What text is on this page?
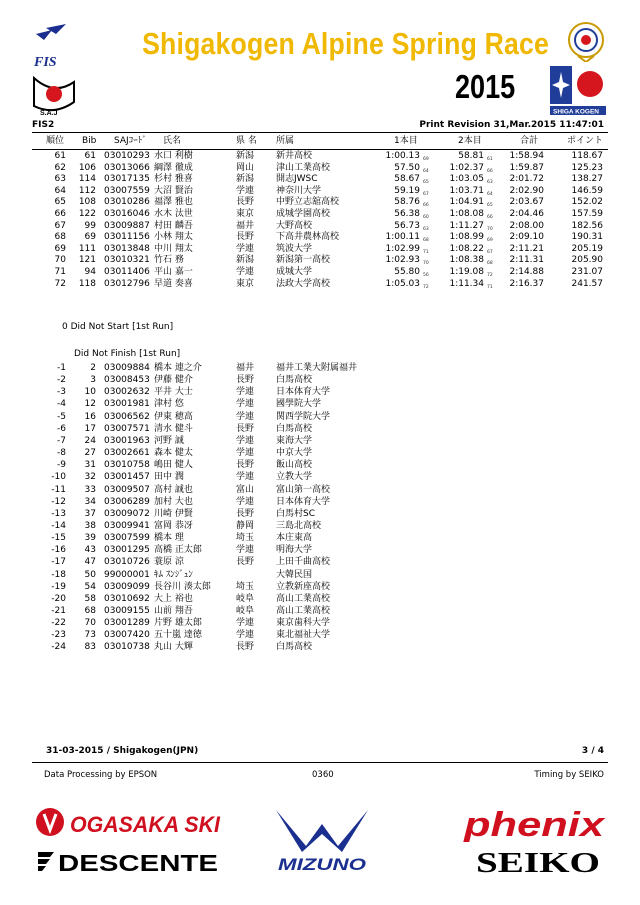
FIS
S.A.J
Shigakogen Alpine Spring Race
2015
SHIGA KOGEN
FIS2	Print Revision 31,Mar.2015 11:47:01
順位 Bib SAJｺｰﾄﾞ 氏名	県 名 所属	1本目	2本目	合計	ポイント
61	61 03010293 水口 利樹	新潟 新井高校	1:00.13 69	58.81 61	1:58.94	118.67
62	106 03013066 綱澤 徹成	岡山 津山工業高校	57.50 64	1:02.37 66	1:59.87	125.23
63	114 03017135 杉村 雅喜	新潟 開志JWSC	58.67 65	1:03.05 63	2:01.72	138.27
64	112 03007559 大沼 賢治	学連 神奈川大学	59.19 67	1:03.71 64	2:02.90	146.59
65	108 03010286 福澤 雅也	長野 中野立志舘高校	58.76 66	1:04.91 65	2:03.67	152.02
66	122 03016046 水木 汰世	東京 成城学園高校	56.38 60	1:08.08 66	2:04.46	157.59
67	99 03009887 村田 麟吾	福井 大野高校	56.73 63	1:11.27 70	2:08.00	182.56
68	69 03011156 小林 翔太	長野 下高井農林高校	1:00.11 68	1:08.99 69	2:09.10	190.31
69	111 03013848 中川 翔太	学連 筑波大学	1:02.99 71	1:08.22 67	2:11.21	205.19
70	121 03010321 竹石 務	新潟 新潟第一高校	1:02.93 70	1:08.38 68	2:11.31	205.90
71	94 03011406 平山 嘉一	学連 成城大学	55.80 56	1:19.08 72	2:14.88	231.07
72	118 03012796 早道 奏喜	東京 法政大学高校	1:05.03 72	1:11.34 71	2:16.37	241.57
0 Did Not Start [1st Run]
Did Not Finish [1st Run]
-1	2 03009884 橋本 連之介	福井 福井工業大附属福井
-2	3 03008453 伊藤 健介	長野 白馬高校
-3	10 03002632 平井 大士	学連 日本体育大学
-4	12 03001981 津村 悠	学連 國學院大学
-5	16 03006562 伊東 穂高	学連 関西学院大学
-6	17 03007571 清水 健斗	長野 白馬高校
-7	24 03001963 河野 誠	学連 東海大学
-8	27 03002661 森本 健太	学連 中京大学
-9	31 03010758 嶋田 健人	長野 飯山高校
-10	32 03001457 田中 潤	学連 立教大学
-11	33 03009507 高村 誠也	富山 富山第一高校
-12	34 03006289 加村 大也	学連 日本体育大学
-13	37 03009072 川崎 伊賢	長野 白馬村SC
-14	38 03009941 富岡 恭冴	静岡 三島北高校
-15	39 03007599 橋本 理	埼玉 本庄東高
-16	43 03001295 高橋 正太郎	学連 明海大学
-17	47 03010726 蓑原 涼	長野 上田千曲高校
-18	50 99000001 ｷﾑ ｽﾝｼﾞｭﾝ	大韓民国
-19	54 03009099 長谷川 湊太郎	埼玉 立教新座高校
-20	58 03010692 大上 裕也	岐阜 高山工業高校
-21	68 03009155 山前 翔吾	岐阜 高山工業高校
-22	70 03001289 片野 雄太郎	学連 東京歯科大学
-23	73 03007420 五十嵐 達徳	学連 東北福祉大学
-24	83 03010738 丸山 大輝	長野 白馬高校
31-03-2015 / Shigakogen(JPN)	3 / 4
Data Processing by EPSON	0360	Timing by SEIKO
OGASAKA SKI
DESCENTE	MIZUNO
phenix
SEIKO
